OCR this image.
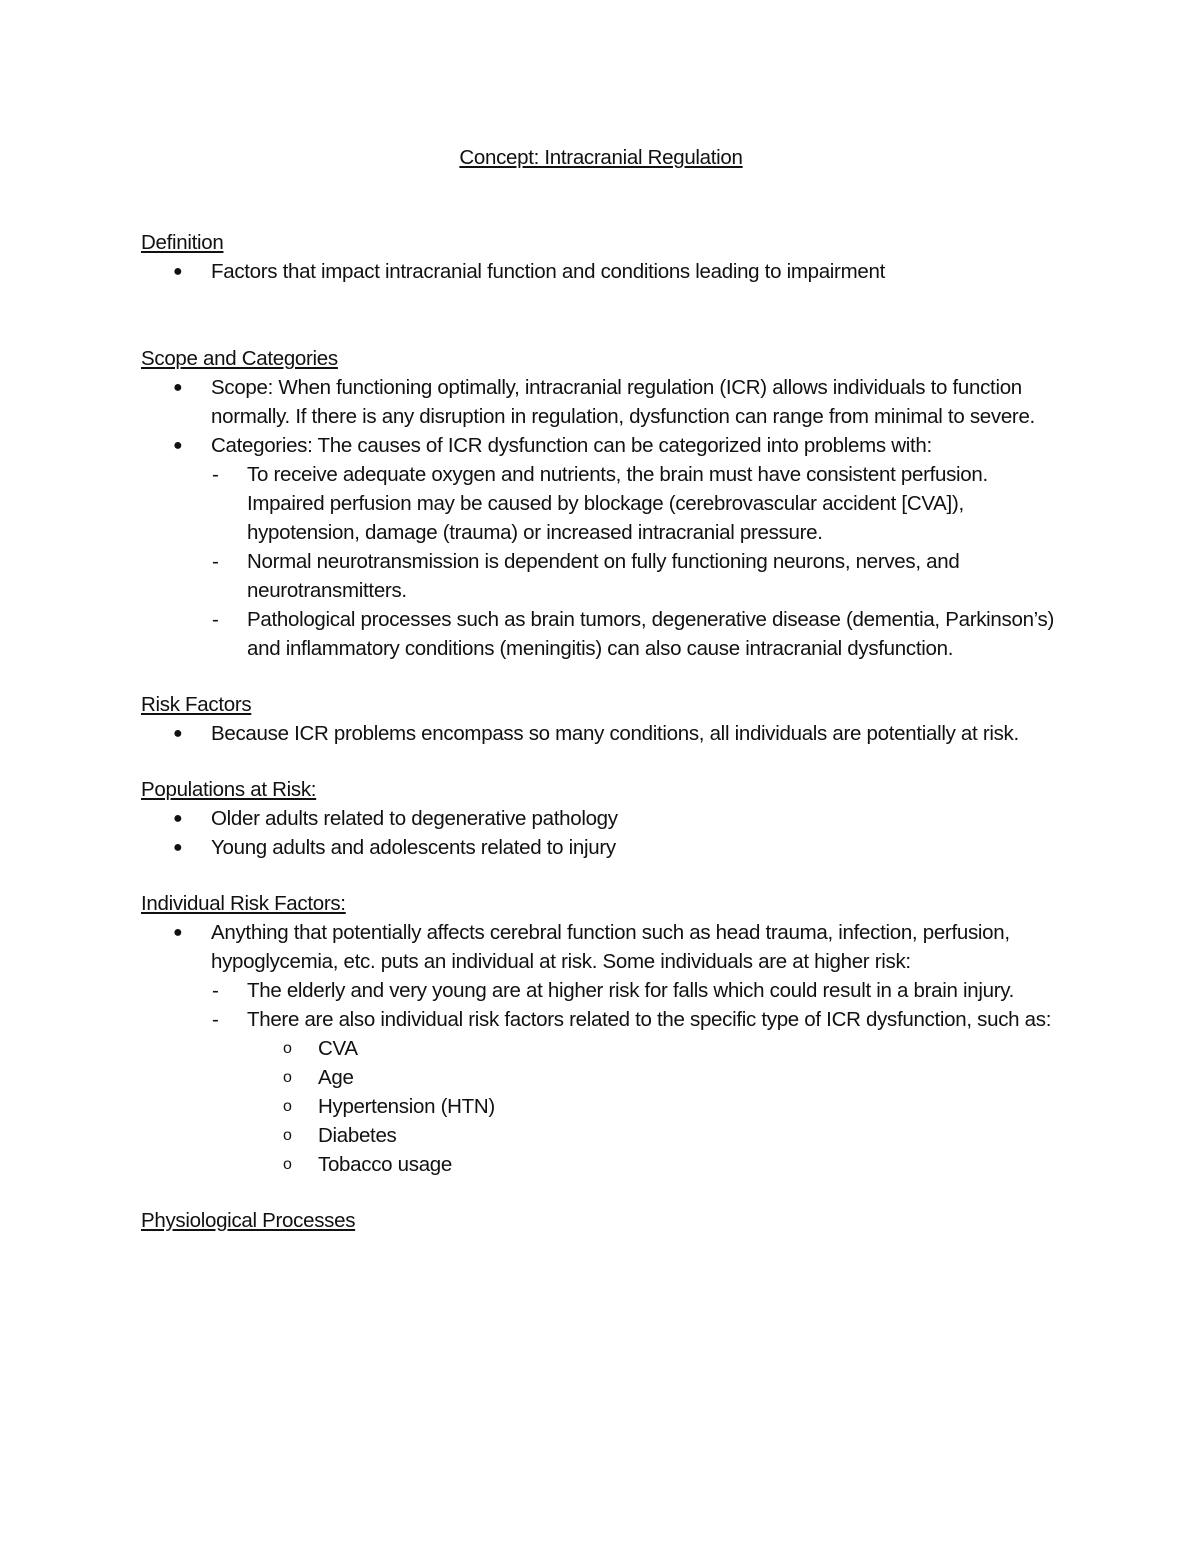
Concept: Intracranial Regulation
Definition
● Factors that impact intracranial function and conditions leading to impairment
Scope and Categories
● Scope: When functioning optimally, intracranial regulation (ICR) allows individuals to function normally. If there is any disruption in regulation, dysfunction can range from minimal to severe.
● Categories: The causes of ICR dysfunction can be categorized into problems with:
- To receive adequate oxygen and nutrients, the brain must have consistent perfusion. Impaired perfusion may be caused by blockage (cerebrovascular accident [CVA]), hypotension, damage (trauma) or increased intracranial pressure.
- Normal neurotransmission is dependent on fully functioning neurons, nerves, and neurotransmitters.
- Pathological processes such as brain tumors, degenerative disease (dementia, Parkinson’s) and inflammatory conditions (meningitis) can also cause intracranial dysfunction.
Risk Factors
● Because ICR problems encompass so many conditions, all individuals are potentially at risk.
Populations at Risk:
● Older adults related to degenerative pathology
● Young adults and adolescents related to injury
Individual Risk Factors:
● Anything that potentially affects cerebral function such as head trauma, infection, perfusion, hypoglycemia, etc. puts an individual at risk. Some individuals are at higher risk:
- The elderly and very young are at higher risk for falls which could result in a brain injury.
- There are also individual risk factors related to the specific type of ICR dysfunction, such as:
o CVA
o Age
o Hypertension (HTN)
o Diabetes
o Tobacco usage
Physiological Processes
